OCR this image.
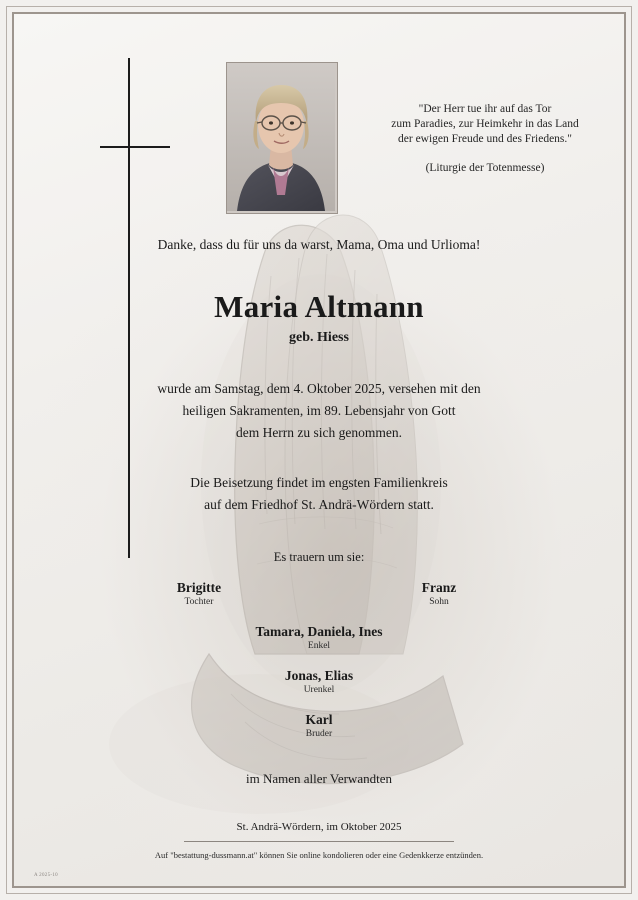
"Der Herr tue ihr auf das Tor
zum Paradies, zur Heimkehr in das Land
der ewigen Freude und des Friedens."
(Liturgie der Totenmesse)
Danke, dass du für uns da warst, Mama, Oma und Urlioma!
Maria Altmann
geb. Hiess
wurde am Samstag, dem 4. Oktober 2025, versehen mit den
heiligen Sakramenten, im 89. Lebensjahr von Gott
dem Herrn zu sich genommen.
Die Beisetzung findet im engsten Familienkreis
auf dem Friedhof St. Andrä-Wördern statt.
Es trauern um sie:
Brigitte
Tochter
Franz
Sohn
Tamara, Daniela, Ines
Enkel
Jonas, Elias
Urenkel
Karl
Bruder
im Namen aller Verwandten
St. Andrä-Wördern, im Oktober 2025
Auf "bestattung-dussmann.at" können Sie online kondolieren oder eine Gedenkkerze entzünden.
A 2025-10
